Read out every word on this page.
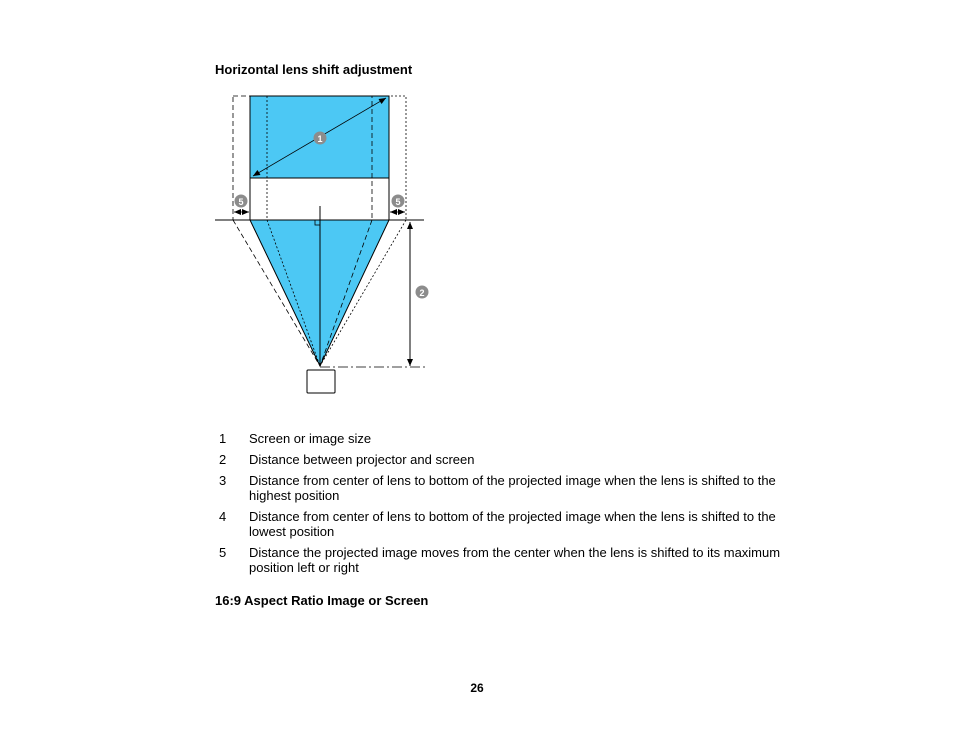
Horizontal lens shift adjustment
1
2
5	5
1 Screen or image size
2 Distance between projector and screen
3 Distance from center of lens to bottom of the projected image when the lens is shifted to the highest position
4 Distance from center of lens to bottom of the projected image when the lens is shifted to the lowest position
5 Distance the projected image moves from the center when the lens is shifted to its maximum position left or right
16:9 Aspect Ratio Image or Screen
26
